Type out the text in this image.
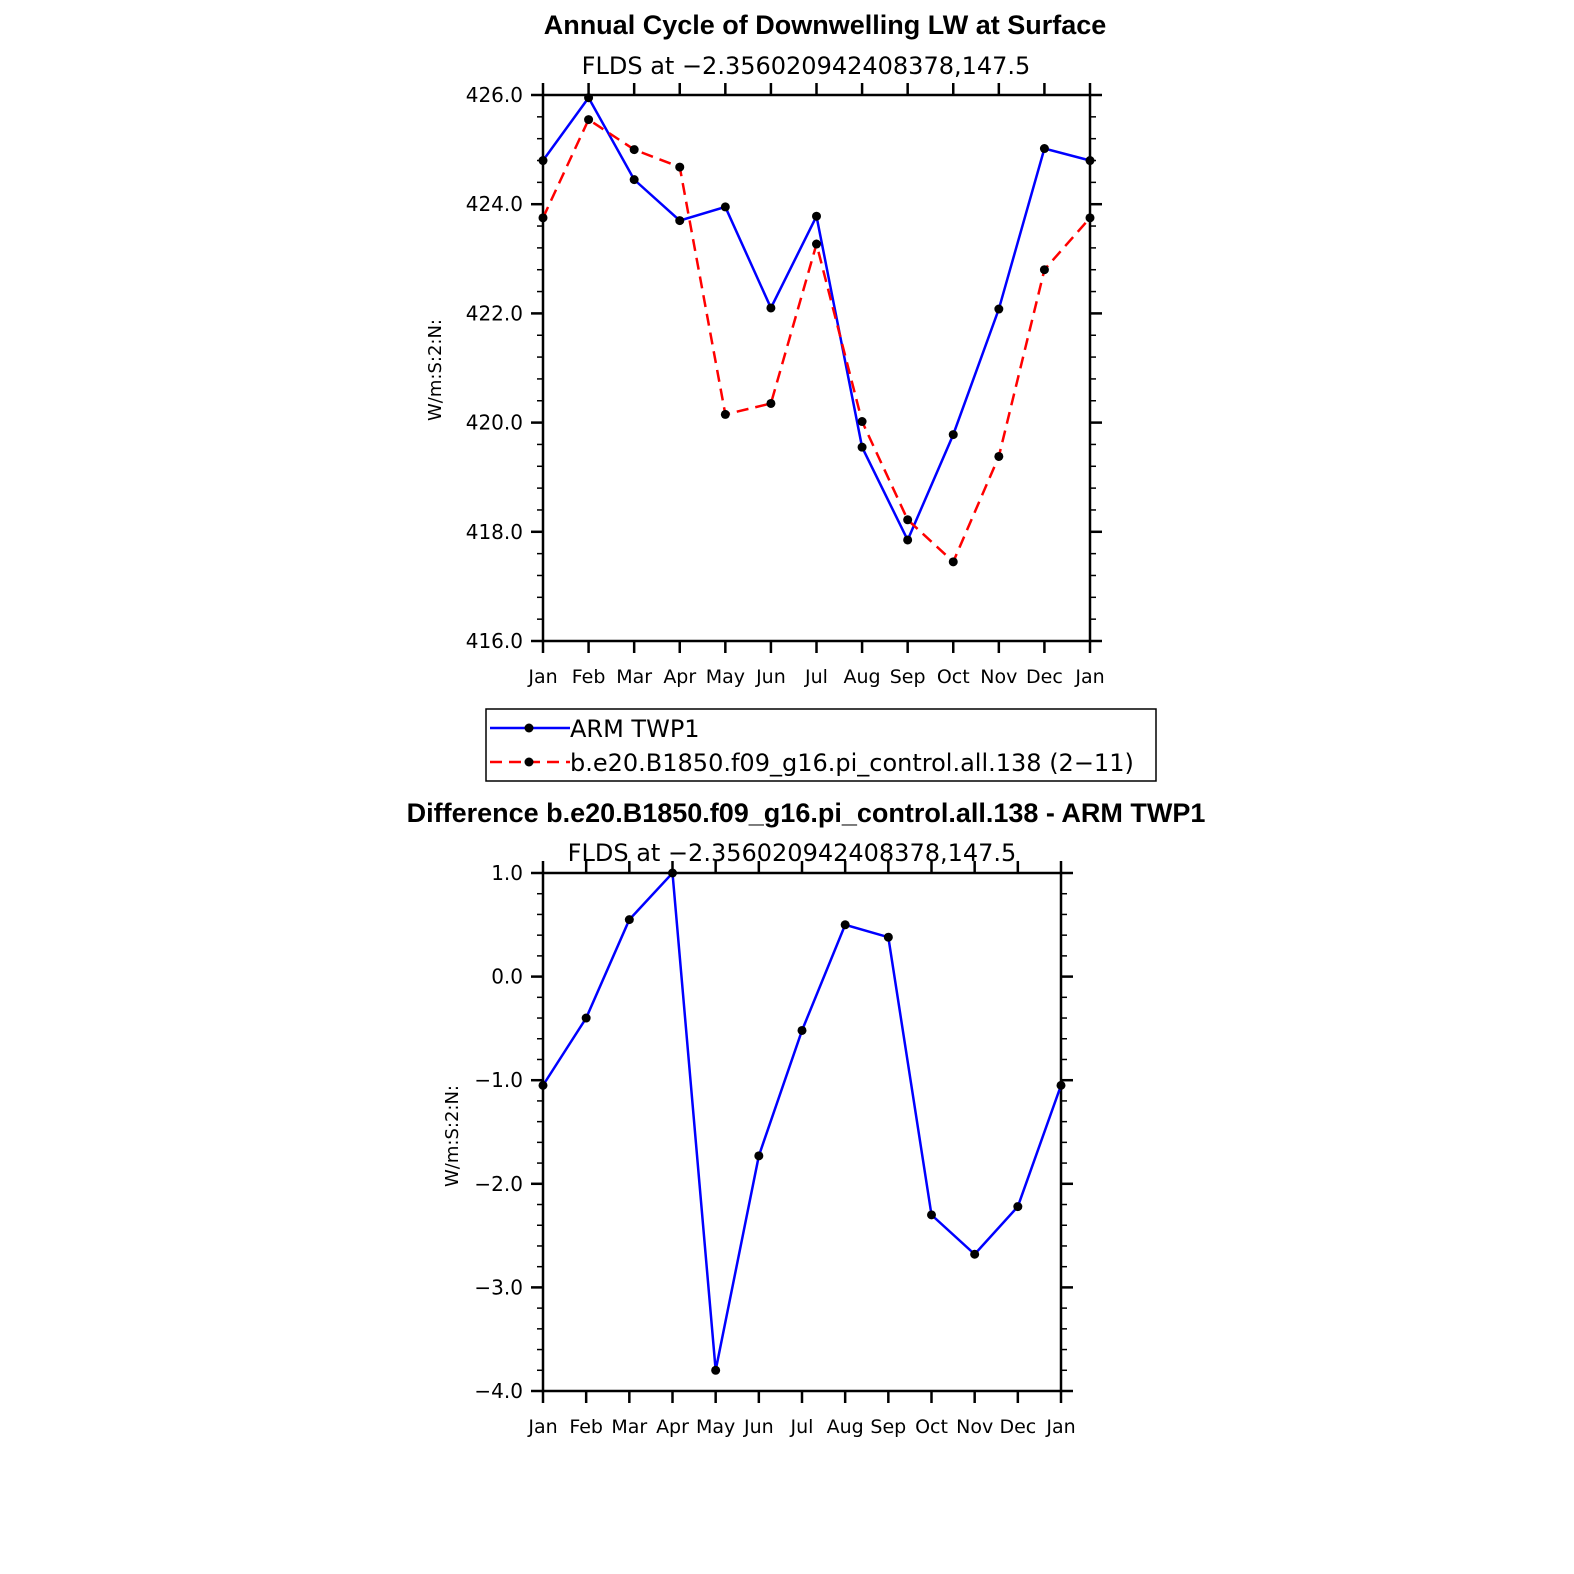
Annual Cycle of Downwelling LW at Surface
FLDS at −2.356020942408378,147.5
W/m:S:2:N:
Jan Feb Mar Apr May Jun Jul Aug Sep Oct Nov Dec Jan
416.0
418.0
420.0
422.0
424.0
426.0
ARM TWP1
b.e20.B1850.f09_g16.pi_control.all.138 (2−11)
Difference b.e20.B1850.f09_g16.pi_control.all.138 - ARM TWP1
FLDS at −2.356020942408378,147.5
W/m:S:2:N:
Jan Feb Mar Apr May Jun Jul Aug Sep Oct Nov Dec Jan
−4.0
−3.0
−2.0
−1.0
0.0
1.0
